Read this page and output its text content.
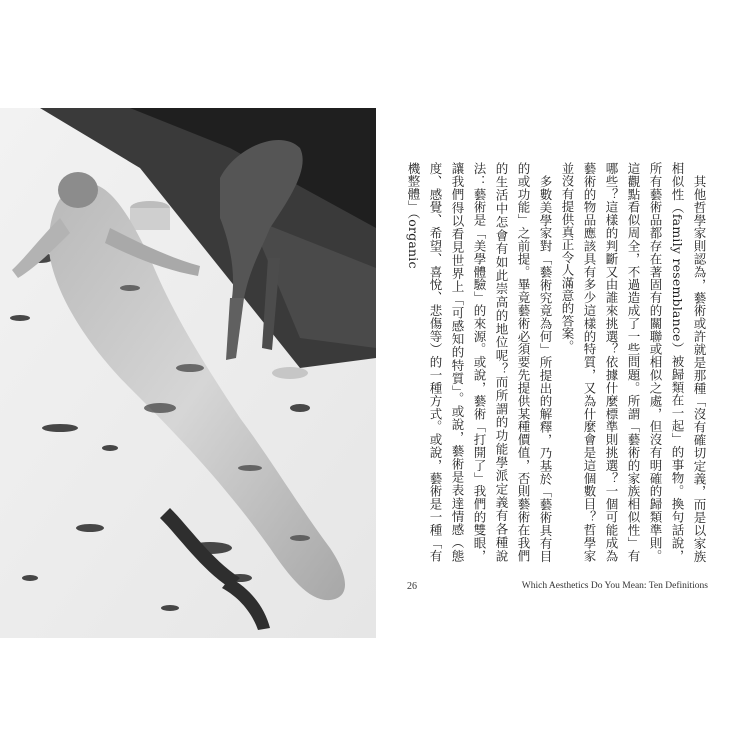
其他哲學家則認為，藝術或許就是那種「沒有確切定義，而是以家族相似性（family resemblance）被歸類在一起」的事物。換句話說，所有藝術品都存在著固有的關聯或相似之處，但沒有明確的歸類準則。這觀點看似周全，不過造成了一些問題。所謂「藝術的家族相似性」有哪些？這樣的判斷又由誰來挑選？依據什麼標準則挑選？一個可能成為藝術的物品應該具有多少這樣的特質，又為什麼會是這個數目？哲學家並沒有提供真正令人滿意的答案。

多數美學家對「藝術究竟為何」所提出的解釋，乃基於「藝術具有目的或功能」之前提。畢竟藝術必須要先提供某種價值，否則藝術在我們的生活中怎會有如此崇高的地位呢？而所謂的功能學派定義有各種說法：藝術是「美學體驗」的來源。或說，藝術「打開了」我們的雙眼，讓我們得以看見世界上「可感知的特質」。或說，藝術是表達情感（態度、感覺、希望、喜悅、悲傷等）的一種方式。或說，藝術是一種「有機整體」（organic

26	Which Aesthetics Do You Mean: Ten Definitions
